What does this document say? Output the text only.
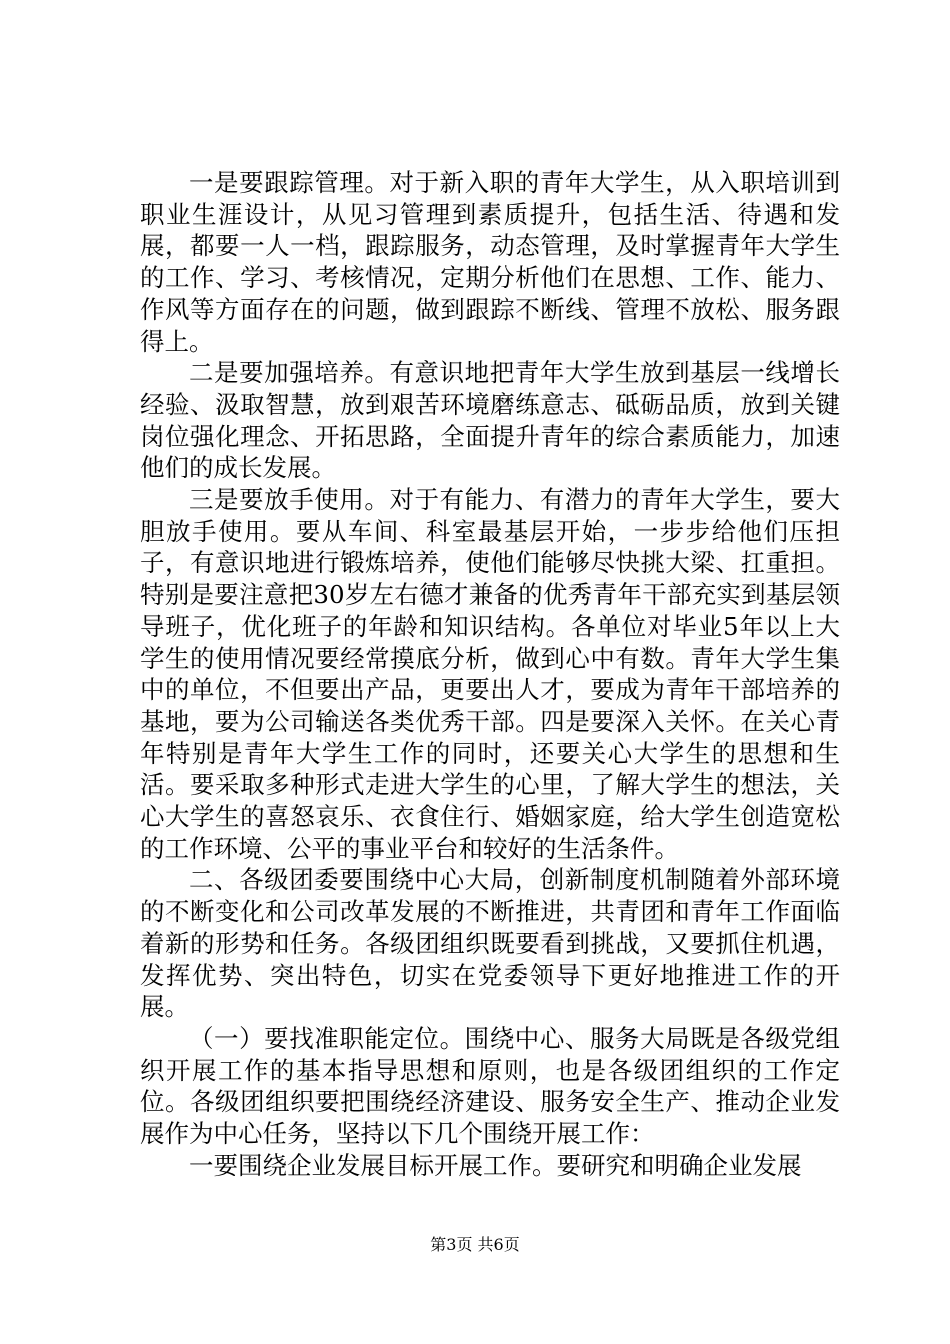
一是要跟踪管理。对于新入职的青年大学生，从入职培训到职业生涯设计，从见习管理到素质提升，包括生活、待遇和发展，都要一人一档，跟踪服务，动态管理，及时掌握青年大学生的工作、学习、考核情况，定期分析他们在思想、工作、能力、作风等方面存在的问题，做到跟踪不断线、管理不放松、服务跟得上。

二是要加强培养。有意识地把青年大学生放到基层一线增长经验、汲取智慧，放到艰苦环境磨练意志、砥砺品质，放到关键岗位强化理念、开拓思路，全面提升青年的综合素质能力，加速他们的成长发展。

三是要放手使用。对于有能力、有潜力的青年大学生，要大胆放手使用。要从车间、科室最基层开始，一步步给他们压担子，有意识地进行锻炼培养，使他们能够尽快挑大梁、扛重担。特别是要注意把30岁左右德才兼备的优秀青年干部充实到基层领导班子，优化班子的年龄和知识结构。各单位对毕业5年以上大学生的使用情况要经常摸底分析，做到心中有数。青年大学生集中的单位，不但要出产品，更要出人才，要成为青年干部培养的基地，要为公司输送各类优秀干部。四是要深入关怀。在关心青年特别是青年大学生工作的同时，还要关心大学生的思想和生活。要采取多种形式走进大学生的心里，了解大学生的想法，关心大学生的喜怒哀乐、衣食住行、婚姻家庭，给大学生创造宽松的工作环境、公平的事业平台和较好的生活条件。

二、各级团委要围绕中心大局，创新制度机制随着外部环境的不断变化和公司改革发展的不断推进，共青团和青年工作面临着新的形势和任务。各级团组织既要看到挑战，又要抓住机遇，发挥优势、突出特色，切实在党委领导下更好地推进工作的开展。

（一）要找准职能定位。围绕中心、服务大局既是各级党组织开展工作的基本指导思想和原则，也是各级团组织的工作定位。各级团组织要把围绕经济建设、服务安全生产、推动企业发展作为中心任务，坚持以下几个围绕开展工作：

一要围绕企业发展目标开展工作。要研究和明确企业发展

第3页 共6页
